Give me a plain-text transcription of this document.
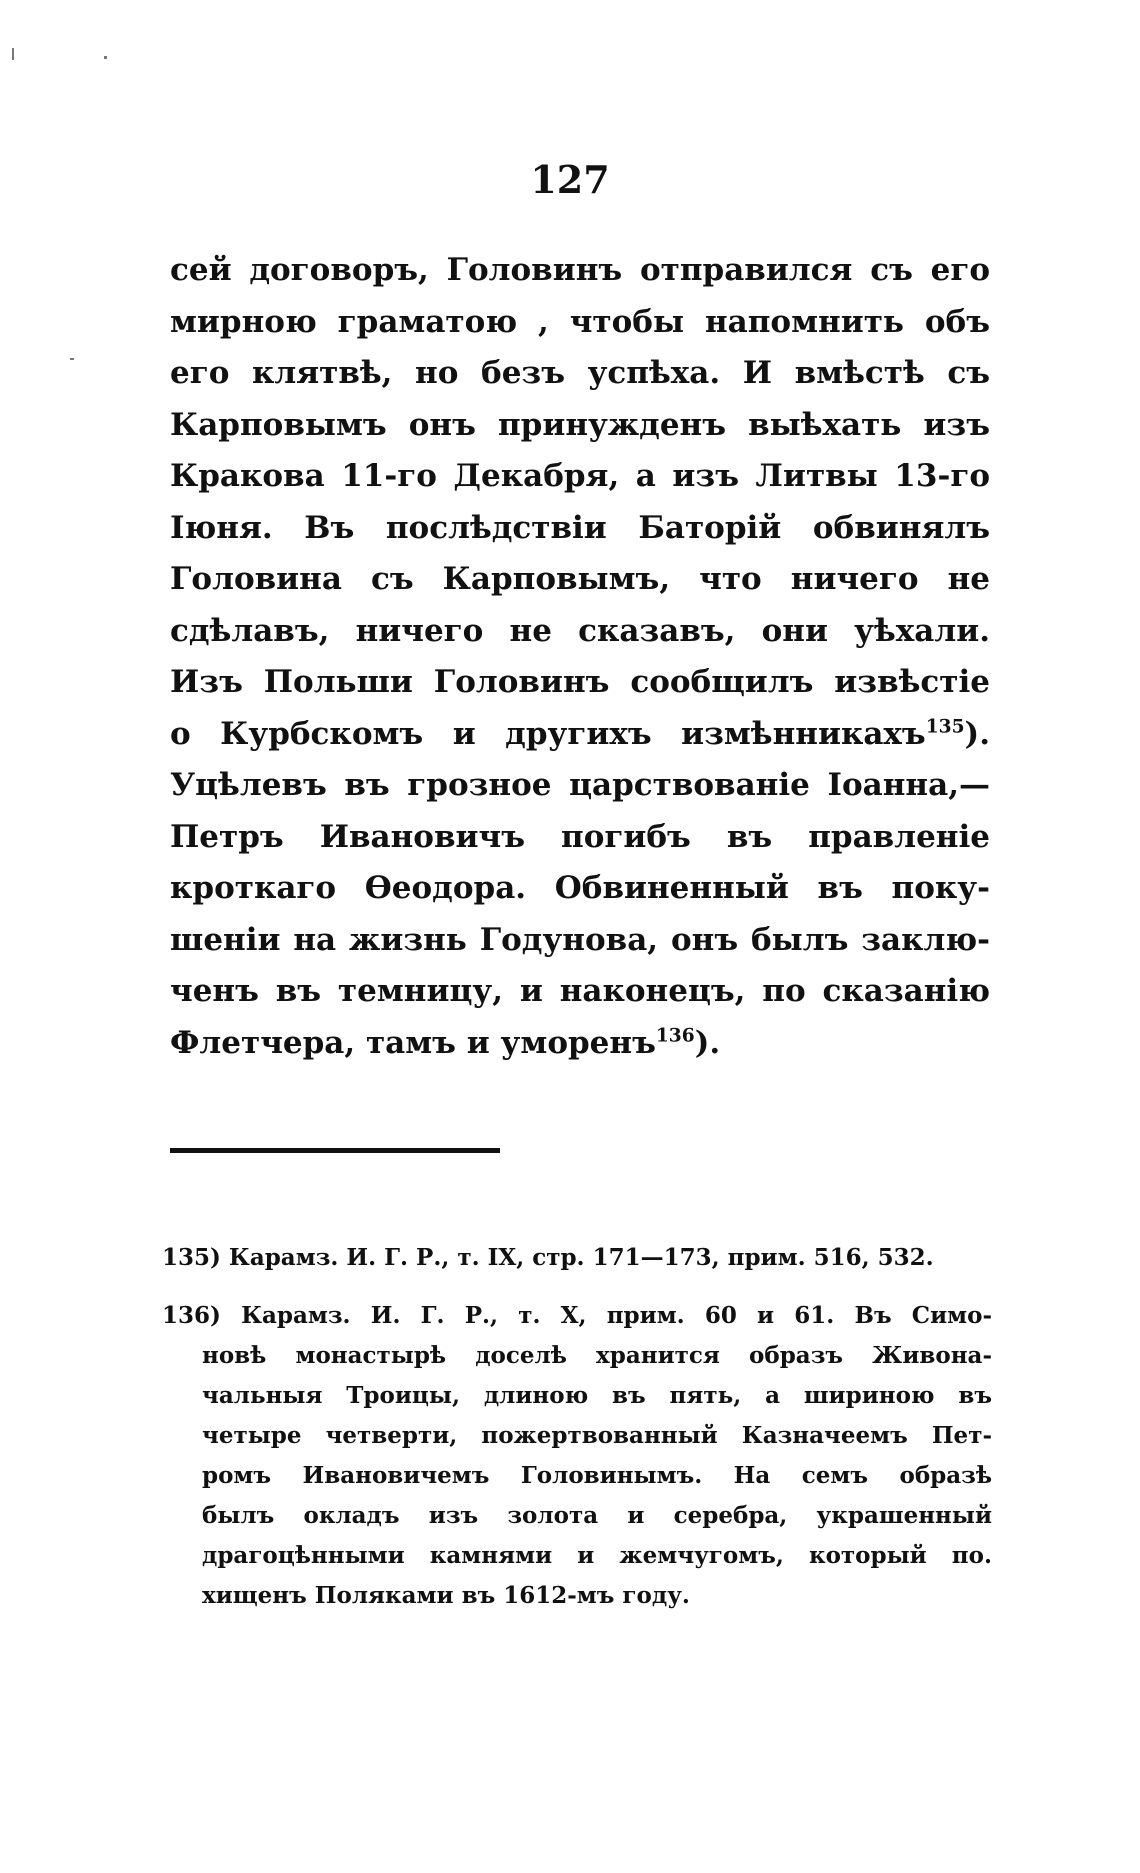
127
сей договоръ, Головинъ отправился съ его
мирною граматою , чтобы напомнить объ
его клятвѣ, но безъ успѣха. И вмѣстѣ съ
Карповымъ онъ принужденъ выѣхать изъ
Кракова 11-го Декабря, а изъ Литвы 13-го
Іюня. Въ послѣдствіи Баторій обвинялъ
Головина съ Карповымъ, что ничего не
сдѣлавъ, ничего не сказавъ, они уѣхали.
Изъ Польши Головинъ сообщилъ извѣстіе
о Курбскомъ и другихъ измѣнникахъ$^{135}$).
Уцѣлевъ въ грозное царствованіе Іоанна,—
Петръ Ивановичъ погибъ въ правленіе
кроткаго Ѳеодора. Обвиненный въ поку-
шеніи на жизнь Годунова, онъ былъ заклю-
ченъ въ темницу, и наконецъ, по сказанію
Флетчера, тамъ и уморенъ$^{136}$).
135) Карамз. И. Г. Р., т. IX, стр. 171—173, прим. 516, 532.
136) Карамз. И. Г. Р., т. X, прим. 60 и 61. Въ Симо-
новѣ монастырѣ доселѣ хранится образъ Живона-
чальныя Троицы, длиною въ пять, а шириною въ
четыре четверти, пожертвованный Казначеемъ Пет-
ромъ Ивановичемъ Головинымъ. На семъ образѣ
былъ окладъ изъ золота и серебра, украшенный
драгоцѣнными камнями и жемчугомъ, который по.
хищенъ Поляками въ 1612-мъ году.
